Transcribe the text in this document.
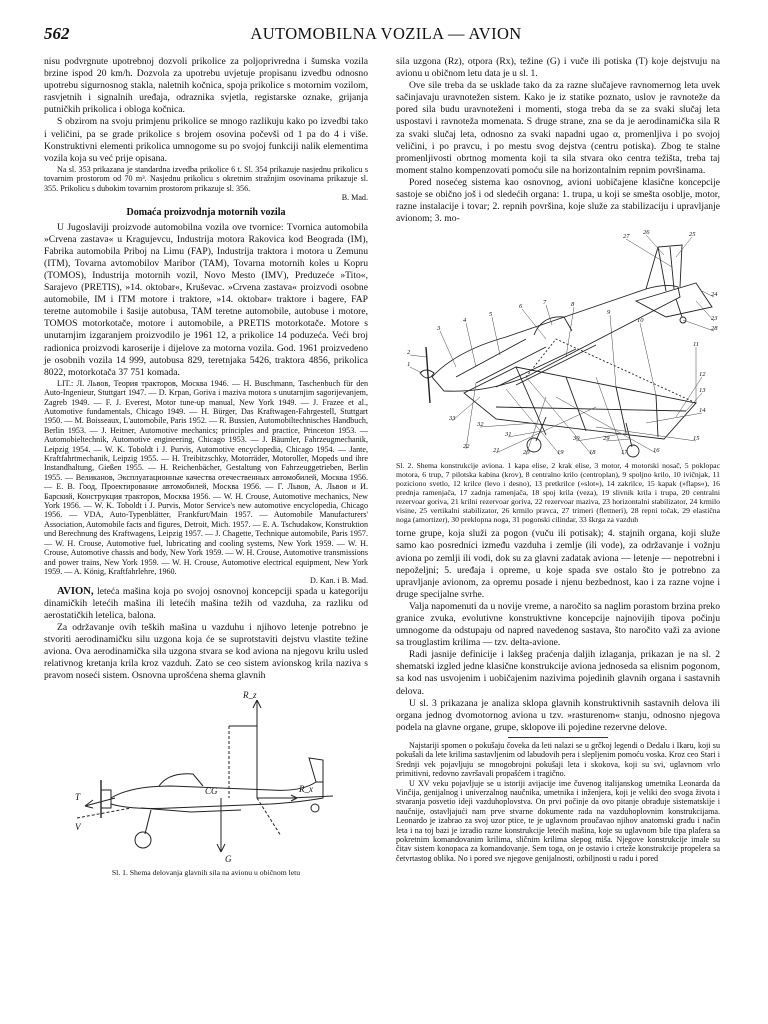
562	AUTOMOBILNA VOZILA — AVION

nisu podvrgnute upotrebnoj dozvoli prikolice za poljoprivredna i šumska vozila brzine ispod 20 km/h. Dozvola za upotrebu uvjetuje propisanu izvedbu odnosno upotrebu sigurnosnog stakla, naletnih kočnica, spoja prikolice s motornim vozilom, rasvjetnih i signalnih uređaja, odraznika svjetla, registarske oznake, grijanja putničkih prikolica i obloga kočnica.

S obzirom na svoju primjenu prikolice se mnogo razlikuju kako po izvedbi tako i veličini, pa se grade prikolice s brojem osovina počevši od 1 pa do 4 i više. Konstruktivni elementi prikolica umnogome su po svojoj funkciji nalik elementima vozila koja su već prije opisana.

Na sl. 353 prikazana je standardna izvedba prikolice 6 t. Sl. 354 prikazuje nasjednu prikolicu s tovarnim prostorom od 70 m³. Nasjednu prikolicu s okretnim stražnjim osovinama prikazuje sl. 355. Prikolicu s dubokim tovarnim prostorom prikazuje sl. 356.

B. Mad.
Domaća proizvodnja motornih vozila

U Jugoslaviji proizvode automobilna vozila ove tvornice: Tvornica automobila »Crvena zastava« u Kragujevcu, Industrija motora Rakovica kod Beograda (IM), Fabrika automobila Priboj na Limu (FAP), Industrija traktora i motora u Zemunu (ITM), Tovarna avtomobilov Maribor (TAM), Tovarna motornih koles u Kopru (TOMOS), Industrija motornih vozil, Novo Mesto (IMV), Preduzeće »Tito«, Sarajevo (PRETIS), »14. oktobar«, Kruševac. »Crvena zastava« proizvodi osobne automobile, IM i ITM motore i traktore, »14. oktobar« traktore i bagere, FAP teretne automobile i šasije autobusa, TAM teretne automobile, autobuse i motore, TOMOS motorkotače, motore i automobile, a PRETIS motorkotače. Motore s unutarnjim izgaranjem proizvodilo je 1961 12, a prikolice 14 poduzeća. Veći broj radionica proizvodi karoserije i dijelove za motorna vozila. God. 1961 proizvedeno je osobnih vozila 14 999, autobusa 829, teretnjaka 5426, traktora 4856, prikolica 8022, motorkotača 37 751 komada.

LIT.: Л. Львов, Теория тракторов, Москва 1946. — H. Buschmann, Taschenbuch für den Auto-Ingenieur, Stuttgart 1947. — D. Krpan, Goriva i maziva motora s unutarnjim sagorijevanjem, Zagreb 1949. — F. J. Everest, Motor tune-up manual, New York 1949. — J. Frazee et al., Automotive fundamentals, Chicago 1949. — H. Bürger, Das Kraftwagen-Fahrgestell, Stuttgart 1950. — M. Boisseaux, L'automobile, Paris 1952. — R. Bussien, Automobiltechnisches Handbuch, Berlin 1953. — J. Heitner, Automotive mechanics; principles and practice, Princeton 1953. — Automobieltechnik, Automotive engineering, Chicago 1953. — J. Bäumler, Fahrzeugmechanik, Leipzig 1954. — W. K. Toboldt i J. Purvis, Automotive encyclopedia, Chicago 1954. — Jante, Kraftfahrtmechanik, Leipzig 1955. — H. Treibitzschky, Motorräder, Motoroller, Mopeds und ihre Instandhaltung, Gießen 1955. — H. Reichenbächer, Gestaltung von Fahrzeuggetrieben, Berlin 1955. — Великанов, Эксплуатационные качества отечественных автомобилей, Москва 1956. — Е. В. Гоод, Проектирование автомобилей, Москва 1956. — Г. Львов, А. Львов и И. Барский, Конструкция тракторов, Москва 1956. — W. H. Crouse, Automotive mechanics, New York 1956. — W. K. Toboldt i J. Purvis, Motor Service's new automotive encyclopedia, Chicago 1956. — VDA, Auto-Typenblätter, Frankfurt/Main 1957. — Automobile Manufacturers' Association, Automobile facts and figures, Detroit, Mich. 1957. — E. A. Tschudakow, Konstruktion und Berechnung des Kraftwagens, Leipzig 1957. — J. Chagette, Technique automobile, Paris 1957. — W. H. Crouse, Automotive fuel, lubricating and cooling systems, New York 1959. — W. H. Crouse, Automotive chassis and body, New York 1959. — W. H. Crouse, Automotive transmissions and power trains, New York 1959. — W. H. Crouse, Automotive electrical equipment, New York 1959. — A. König, Kraftfahrlehre, 1960.

D. Kan. i B. Mad.

AVION, leteća mašina koja po svojoj osnovnoj koncepciji spada u kategoriju dinamičkih letećih mašina ili letećih mašina težih od vazduha, za razliku od aerostatičkih letelica, balona.

Za održavanje ovih teških mašina u vazduhu i njihovo letenje potrebno je stvoriti aerodinamičku silu uzgona koja će se suprotstaviti dejstvu vlastite težine aviona. Ova aerodinamička sila uzgona stvara se kod aviona na njegovu krilu usled relativnog kretanja krila kroz vazduh. Zato se ceo sistem avionskog krila naziva s pravom noseći sistem. Osnovna uprošćena shema glavnih

R_z
R_x
T
V
G
CG
Sl. 1. Shema delovanja glavnih sila na avionu u običnom letu

sila uzgona (Rz), otpora (Rx), težine (G) i vuče ili potiska (T) koje dejstvuju na avionu u običnom letu data je u sl. 1.

Ove sile treba da se usklade tako da za razne slučajeve ravnomernog leta uvek sačinjavaju uravnotežen sistem. Kako je iz statike poznato, uslov je ravnoteže da pored sila budu uravnoteženi i momenti, stoga treba da se za svaki slučaj leta uspostavi i ravnoteža momenata. S druge strane, zna se da je aerodinamička sila R za svaki slučaj leta, odnosno za svaki napadni ugao α, promenljiva i po svojoj veličini, i po pravcu, i po mestu svog dejstva (centru potiska). Zbog te stalne promenljivosti obrtnog momenta koji ta sila stvara oko centra težišta, treba taj moment stalno kompenzovati pomoću sile na horizontalnim repnim površinama.

Pored nosećeg sistema kao osnovnog, avioni uobičajene klasične koncepcije sastoje se obično još i od sledećih organa: 1. trupa, u koji se smešta osoblje, motor, razne instalacije i tovar; 2. repnih površina, koje služe za stabilizaciju i upravljanje avionom; 3. mo-

1
2
3
4
5
6
7	8
9
10
11
12
13
14
15
16
17
18
19
20
21
22
23
24
25
26
27
28
29
30
31
32
33
Sl. 2. Shema konstrukcije aviona. 1 kapa elise, 2 krak elise, 3 motor, 4 motorski nosač, 5 poklopac motora, 6 trup, 7 pilotska kabina (krov), 8 centralno krilo (centroplan), 9 spoljno krilo, 10 ivičnjak, 11 poziciono svetlo, 12 krilce (levo i desno), 13 pretkrilce (»slot«), 14 zakrilce, 15 kapak (»flaps«), 16 prednja ramenjača, 17 zadnja ramenjača, 18 spoj krila (veza), 19 slivnik krila i trupa, 20 centralni rezervoar goriva, 21 krilni rezervoar goriva, 22 rezervoar maziva, 23 horizontalni stabilizator, 24 krmilo visine, 25 vertikalni stabilizator, 26 krmilo pravca, 27 trimeri (flettneri), 28 repni točak, 29 elastična noga (amortizer), 30 preklopna noga, 31 pogonski cilindar, 33 škrga za vazduh

torne grupe, koja služi za pogon (vuču ili potisak); 4. stajnih organa, koji služe samo kao posredníci između vazduha i zemlje (ili vode), za održavanje i vožnju aviona po zemlji ili vodi, dok su za glavni zadatak aviona — letenje — nepotrebni i nepoželjni; 5. uređaja i opreme, u koje spada sve ostalo što je potrebno za upravljanje avionom, za opremu posade i njenu bezbednost, kao i za razne vojne i druge specijalne svrhe.

Valja napomenuti da u novije vreme, a naročito sa naglim porastom brzina preko granice zvuka, evolutivne konstruktivne koncepcije najnovijih tipova počinju umnogome da odstupaju od napred navedenog sastava, što naročito važi za avione sa trouglastim krilima — tzv. delta-avione.

Radi jasnije definicije i lakšeg praćenja daljih izlaganja, prikazan je na sl. 2 shematski izgled jedne klasične konstrukcije aviona jednoseda sa elisnim pogonom, sa kod nas usvojenim i uobičajenim nazivima pojedinih glavnih organa i sastavnih delova.

U sl. 3 prikazana je analiza sklopa glavnih konstruktivnih sastavnih delova ili organa jednog dvomotornog aviona u tzv. »rasturenom« stanju, odnosno njegova podela na glavne organe, grupe, sklopove ili pojedine rezervne delove.

Najstariji spomen o pokušaju čoveka da leti nalazi se u grčkoj legendi o Dedalu i Ikaru, koji su pokušali da lete krilima sastavljenim od labudovih pera i slepljenim pomoću voska. Kroz ceo Stari i Srednji vek pojavljuju se mnogobrojni pokušaji leta i skokova, koji su svi, uglavnom vrlo primitivni, redovno završavali propašćem i tragično.

U XV veku pojavljuje se u istoriji avijacije ime čuvenog italijanskog umetnika Leonarda da Vinčija, genijalnog i univerzalnog naučnika, umetnika i inženjera, koji je veliki deo svoga života i stvaranja posvetio ideji vazduhoplovstva. On prvi počinje da ovo pitanje obrađuje sistematskije i naučnije, ostavljajući nam prve stvarne dokumente rada na vazduhoplovnim konstrukcijama. Leonardo je izabrao za svoj uzor ptice, te je uglavnom proučavao njihov anatomski građu i način leta i na toj bazi je izradio razne konstrukcije letećih mašina, koje su uglavnom bile tipa plafera sa pokretnim komandovanim krilima, sličnim krilima slepog miša. Njegove konstrukcije imale su čitav sistem konopaca za komandovanje. Sem toga, on je ostavio i crteže konstrukcije propelera sa četvrtastog oblika. No i pored sve njegove genijalnosti, ozbiljnosti u radu i pored
